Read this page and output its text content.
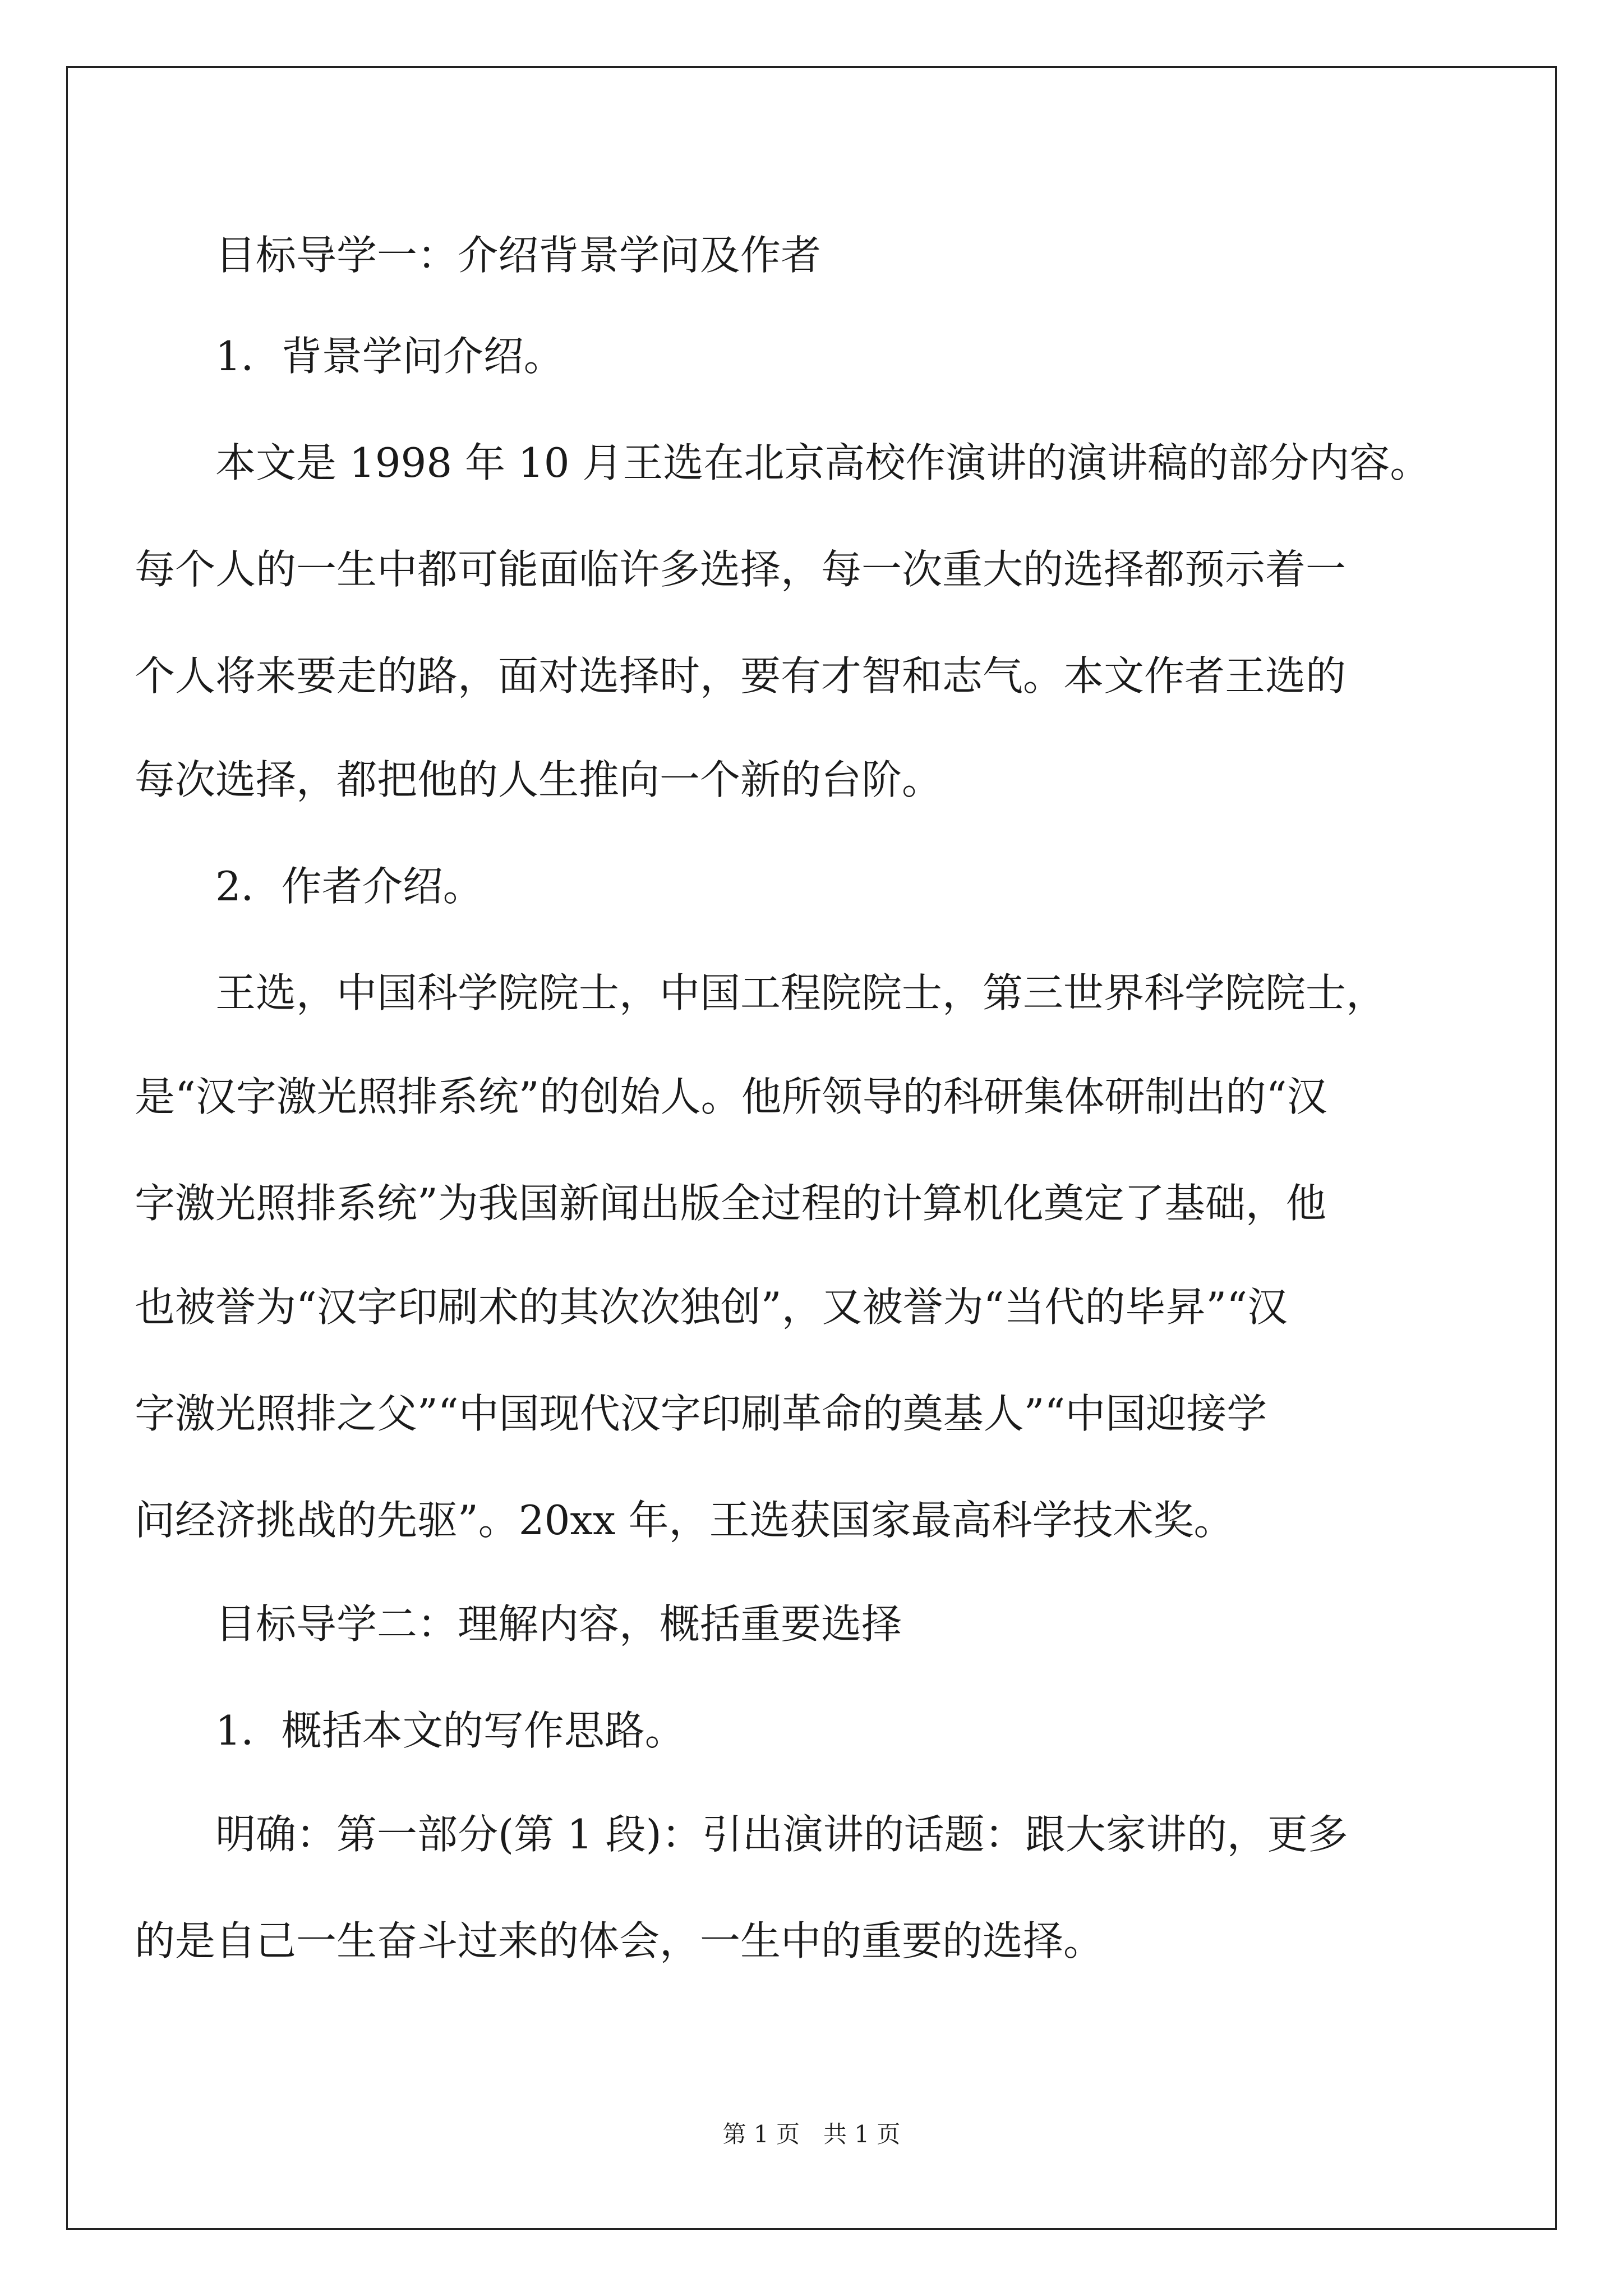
目标导学一：介绍背景学问及作者
1．背景学问介绍。
本文是 1998 年 10 月王选在北京高校作演讲的演讲稿的部分内容。
每个人的一生中都可能面临许多选择，每一次重大的选择都预示着一
个人将来要走的路，面对选择时，要有才智和志气。本文作者王选的
每次选择，都把他的人生推向一个新的台阶。
2．作者介绍。
王选，中国科学院院士，中国工程院院士，第三世界科学院院士，
是“汉字激光照排系统”的创始人。他所领导的科研集体研制出的“汉
字激光照排系统”为我国新闻出版全过程的计算机化奠定了基础，他
也被誉为“汉字印刷术的其次次独创”，又被誉为“当代的毕昇”“汉
字激光照排之父”“中国现代汉字印刷革命的奠基人”“中国迎接学
问经济挑战的先驱”。20xx 年，王选获国家最高科学技术奖。
目标导学二：理解内容，概括重要选择
1．概括本文的写作思路。
明确：第一部分(第 1 段)：引出演讲的话题：跟大家讲的，更多
的是自己一生奋斗过来的体会，一生中的重要的选择。
第 1 页　共 1 页
